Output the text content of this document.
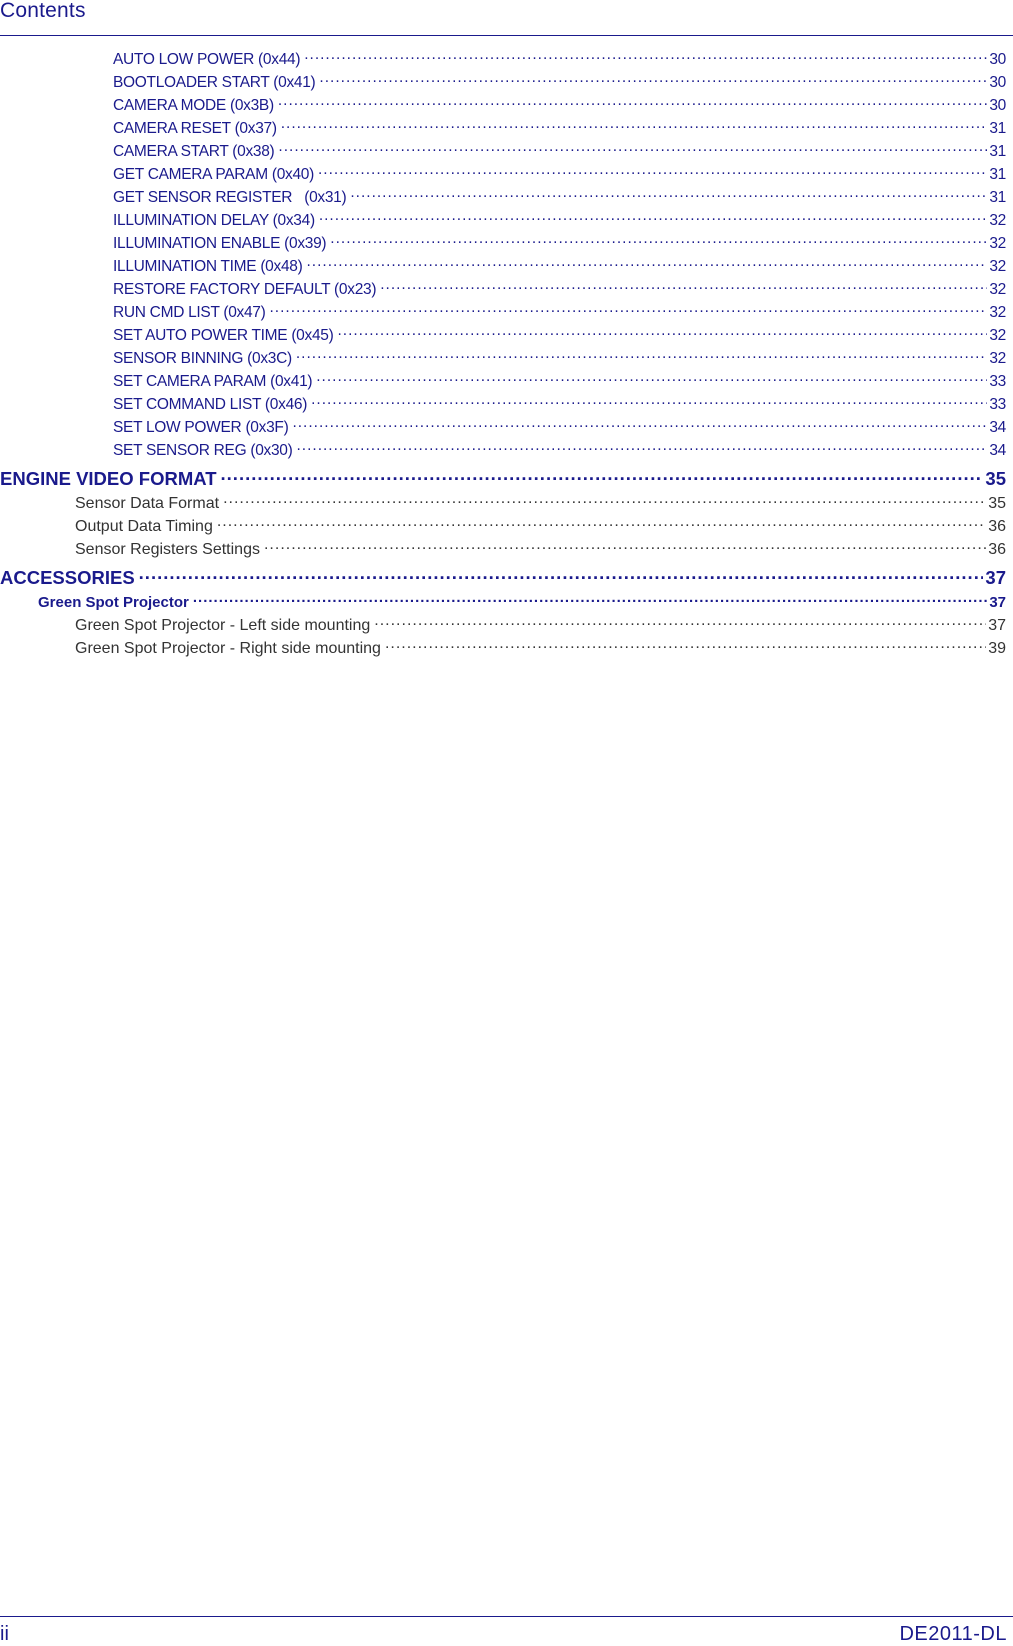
Contents
AUTO LOW POWER (0x44) .....	30
BOOTLOADER START (0x41) .....	30
CAMERA MODE (0x3B) .....	30
CAMERA RESET (0x37) .....	31
CAMERA START (0x38) .....	31
GET CAMERA PARAM (0x40) .....	31
GET SENSOR REGISTER   (0x31) .....	31
ILLUMINATION DELAY (0x34) .....	32
ILLUMINATION ENABLE (0x39) .....	32
ILLUMINATION TIME (0x48) .....	32
RESTORE FACTORY DEFAULT (0x23) .....	32
RUN CMD LIST (0x47) .....	32
SET AUTO POWER TIME (0x45) .....	32
SENSOR BINNING (0x3C) .....	32
SET CAMERA PARAM (0x41) .....	33
SET COMMAND LIST (0x46) .....	33
SET LOW POWER (0x3F) .....	34
SET SENSOR REG (0x30) .....	34
ENGINE VIDEO FORMAT .....	35
Sensor Data Format .....	35
Output Data Timing .....	36
Sensor Registers Settings .....	36
ACCESSORIES .....	37
Green Spot Projector .....	37
Green Spot Projector - Left side mounting .....	37
Green Spot Projector - Right side mounting .....	39
ii	DE2011-DL
